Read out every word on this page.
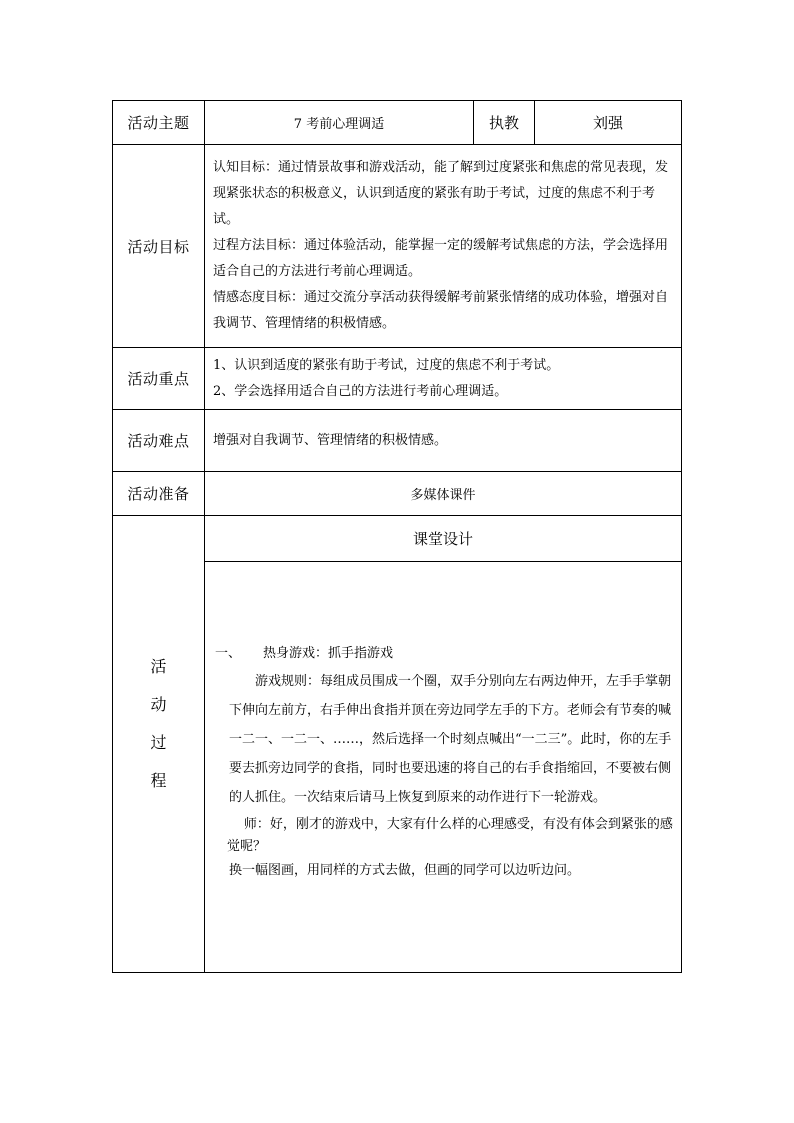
活动主题	7 考前心理调适	执教	刘强
活动目标	认知目标：通过情景故事和游戏活动，能了解到过度紧张和焦虑的常见表现，发现紧张状态的积极意义，认识到适度的紧张有助于考试，过度的焦虑不利于考试。

过程方法目标：通过体验活动，能掌握一定的缓解考试焦虑的方法，学会选择用适合自己的方法进行考前心理调适。

情感态度目标：通过交流分享活动获得缓解考前紧张情绪的成功体验，增强对自我调节、管理情绪的积极情感。		

活动重点	1、认识到适度的紧张有助于考试，过度的焦虑不利于考试。

2、学会选择用适合自己的方法进行考前心理调适。		

活动难点	增强对自我调节、管理情绪的积极情感。		
活动准备	多媒体课件		

活
动
过
程	课堂设计		

	一、 热身游戏：抓手指游戏
游戏规则：每组成员围成一个圈，双手分别向左右两边伸开，左手手掌朝下伸向左前方，右手伸出食指并顶在旁边同学左手的下方。老师会有节奏的喊一二一、一二一、……，然后选择一个时刻点喊出“一二三”。此时，你的左手要去抓旁边同学的食指，同时也要迅速的将自己的右手食指缩回，不要被右侧的人抓住。一次结束后请马上恢复到原来的动作进行下一轮游戏。
师：好，刚才的游戏中，大家有什么样的心理感受，有没有体会到紧张的感觉呢？
换一幅图画，用同样的方式去做，但画的同学可以边听边问。		
